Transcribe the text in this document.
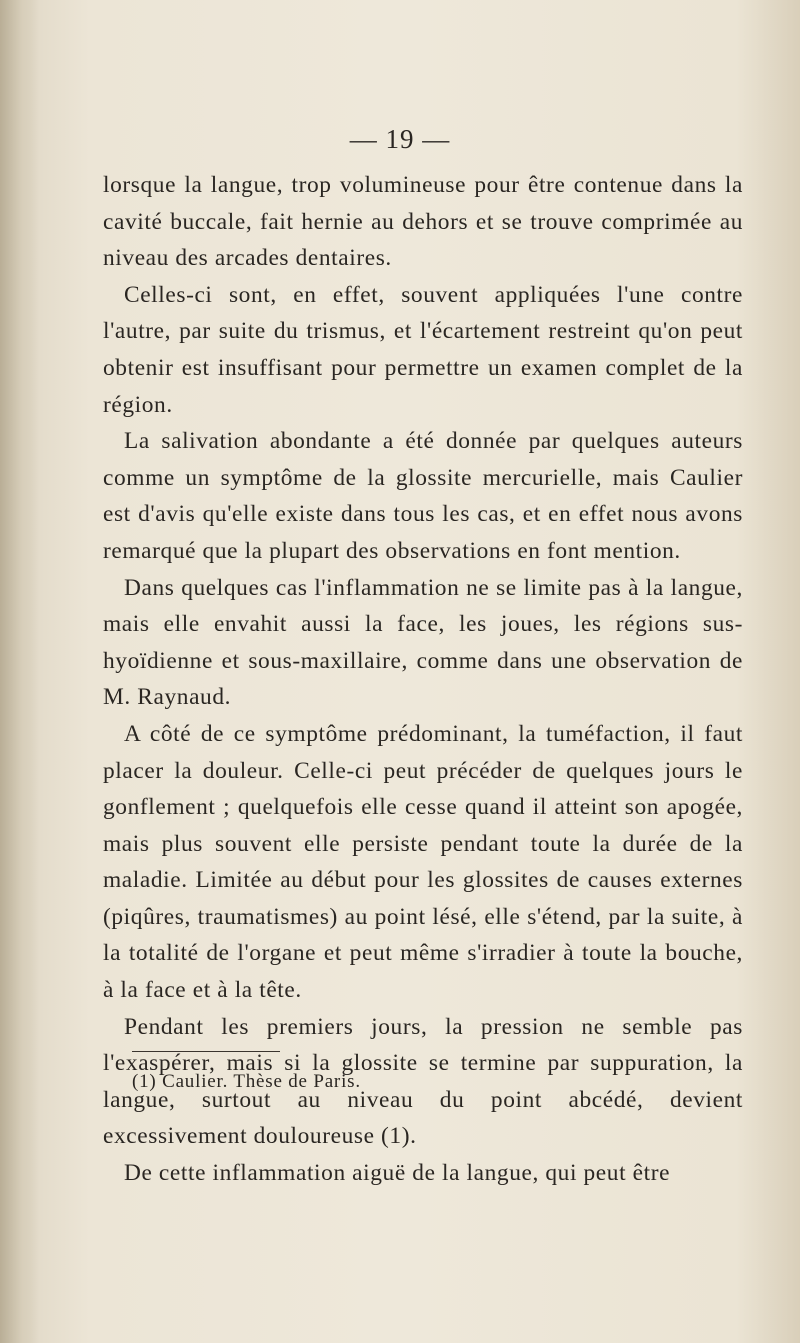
— 19 —

lorsque la langue, trop volumineuse pour être contenue dans la cavité buccale, fait hernie au dehors et se trouve comprimée au niveau des arcades dentaires.

Celles-ci sont, en effet, souvent appliquées l'une contre l'autre, par suite du trismus, et l'écartement restreint qu'on peut obtenir est insuffisant pour permettre un examen complet de la région.

La salivation abondante a été donnée par quelques auteurs comme un symptôme de la glossite mercurielle, mais Caulier est d'avis qu'elle existe dans tous les cas, et en effet nous avons remarqué que la plupart des observations en font mention.

Dans quelques cas l'inflammation ne se limite pas à la langue, mais elle envahit aussi la face, les joues, les régions sus-hyoïdienne et sous-maxillaire, comme dans une observation de M. Raynaud.

A côté de ce symptôme prédominant, la tuméfaction, il faut placer la douleur. Celle-ci peut précéder de quelques jours le gonflement ; quelquefois elle cesse quand il atteint son apogée, mais plus souvent elle persiste pendant toute la durée de la maladie. Limitée au début pour les glossites de causes externes (piqûres, traumatismes) au point lésé, elle s'étend, par la suite, à la totalité de l'organe et peut même s'irradier à toute la bouche, à la face et à la tête.

Pendant les premiers jours, la pression ne semble pas l'exaspérer, mais si la glossite se termine par suppuration, la langue, surtout au niveau du point abcédé, devient excessivement douloureuse (1).

De cette inflammation aiguë de la langue, qui peut être

(1) Caulier. Thèse de Paris.
